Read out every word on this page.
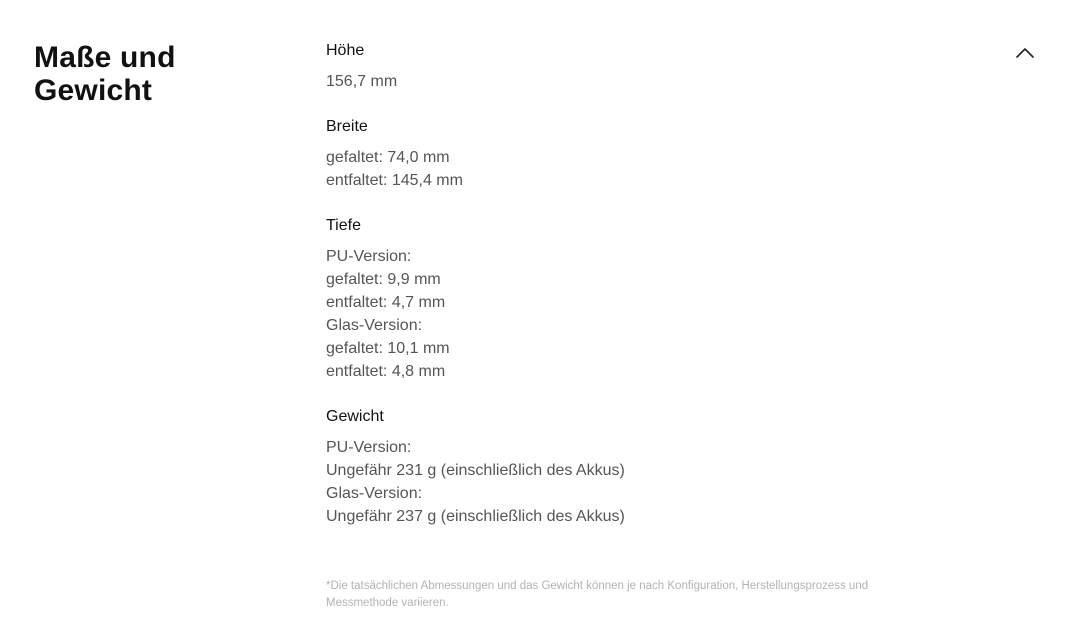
Maße und
Gewicht
Höhe
156,7 mm
Breite
gefaltet: 74,0 mm
entfaltet: 145,4 mm
Tiefe
PU-Version:
gefaltet: 9,9 mm
entfaltet: 4,7 mm
Glas-Version:
gefaltet: 10,1 mm
entfaltet: 4,8 mm
Gewicht
PU-Version:
Ungefähr 231 g (einschließlich des Akkus)
Glas-Version:
Ungefähr 237 g (einschließlich des Akkus)
*Die tatsächlichen Abmessungen und das Gewicht können je nach Konfiguration, Herstellungsprozess und
Messmethode variieren.
